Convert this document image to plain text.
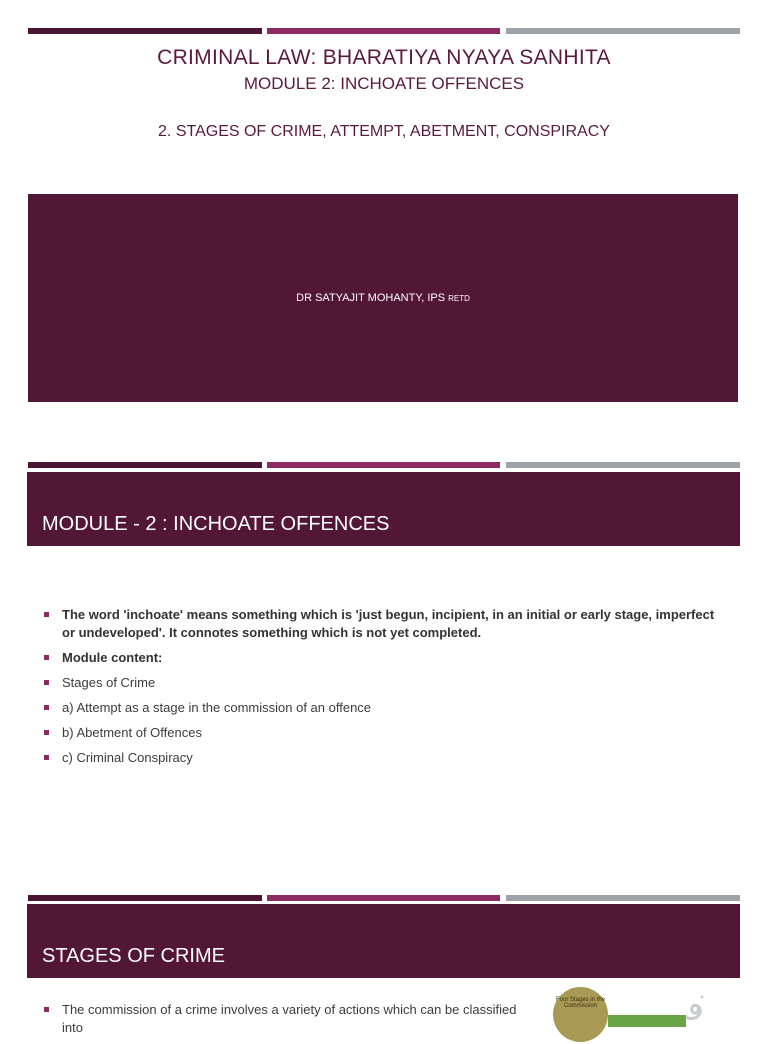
CRIMINAL LAW: BHARATIYA NYAYA SANHITA
MODULE 2: INCHOATE OFFENCES
2. STAGES OF CRIME, ATTEMPT, ABETMENT, CONSPIRACY
DR SATYAJIT MOHANTY, IPS RETD
MODULE - 2 : INCHOATE OFFENCES
The word 'inchoate' means something which is 'just begun, incipient, in an initial or early stage, imperfect or undeveloped'. It connotes something which is not yet completed.
Module content:
Stages of Crime
a) Attempt as a stage in the commission of an offence
b) Abetment of Offences
c) Criminal Conspiracy
STAGES OF CRIME
The commission of a crime involves a variety of actions which can be classified into
Four Stages in the Commission
